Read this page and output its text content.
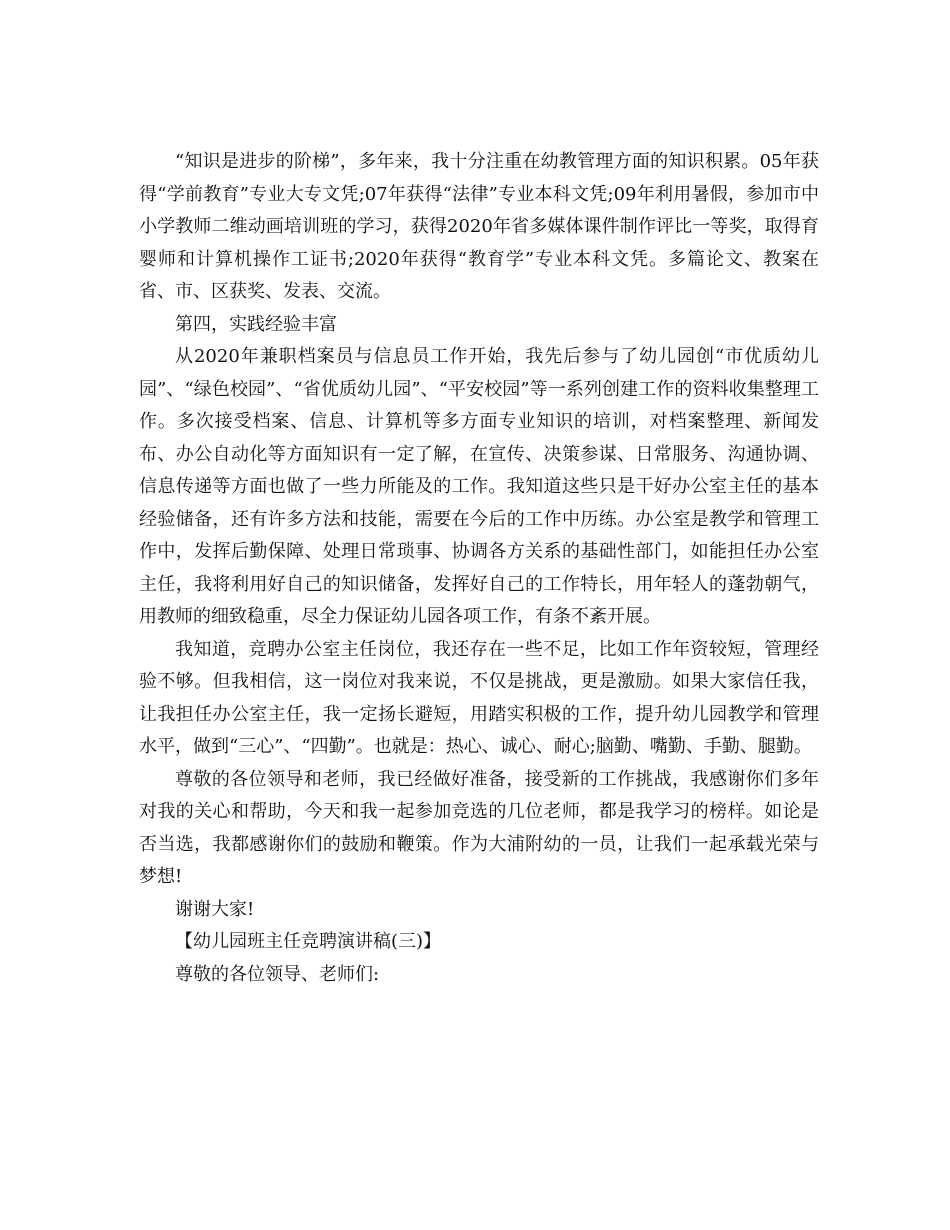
“知识是进步的阶梯”，多年来，我十分注重在幼教管理方面的知识积累。05年获得“学前教育”专业大专文凭;07年获得“法律”专业本科文凭;09年利用暑假，参加市中小学教师二维动画培训班的学习，获得2020年省多媒体课件制作评比一等奖，取得育婴师和计算机操作工证书;2020年获得“教育学”专业本科文凭。多篇论文、教案在省、市、区获奖、发表、交流。

第四，实践经验丰富

从2020年兼职档案员与信息员工作开始，我先后参与了幼儿园创“市优质幼儿园”、“绿色校园”、“省优质幼儿园”、“平安校园”等一系列创建工作的资料收集整理工作。多次接受档案、信息、计算机等多方面专业知识的培训，对档案整理、新闻发布、办公自动化等方面知识有一定了解，在宣传、决策参谋、日常服务、沟通协调、信息传递等方面也做了一些力所能及的工作。我知道这些只是干好办公室主任的基本经验储备，还有许多方法和技能，需要在今后的工作中历练。办公室是教学和管理工作中，发挥后勤保障、处理日常琐事、协调各方关系的基础性部门，如能担任办公室主任，我将利用好自己的知识储备，发挥好自己的工作特长，用年轻人的蓬勃朝气，用教师的细致稳重，尽全力保证幼儿园各项工作，有条不紊开展。

我知道，竞聘办公室主任岗位，我还存在一些不足，比如工作年资较短，管理经验不够。但我相信，这一岗位对我来说，不仅是挑战，更是激励。如果大家信任我，让我担任办公室主任，我一定扬长避短，用踏实积极的工作，提升幼儿园教学和管理水平，做到“三心”、“四勤”。也就是：热心、诚心、耐心;脑勤、嘴勤、手勤、腿勤。

尊敬的各位领导和老师，我已经做好准备，接受新的工作挑战，我感谢你们多年对我的关心和帮助，今天和我一起参加竞选的几位老师，都是我学习的榜样。如论是否当选，我都感谢你们的鼓励和鞭策。作为大浦附幼的一员，让我们一起承载光荣与梦想!

谢谢大家!

【幼儿园班主任竞聘演讲稿(三)】

尊敬的各位领导、老师们:
